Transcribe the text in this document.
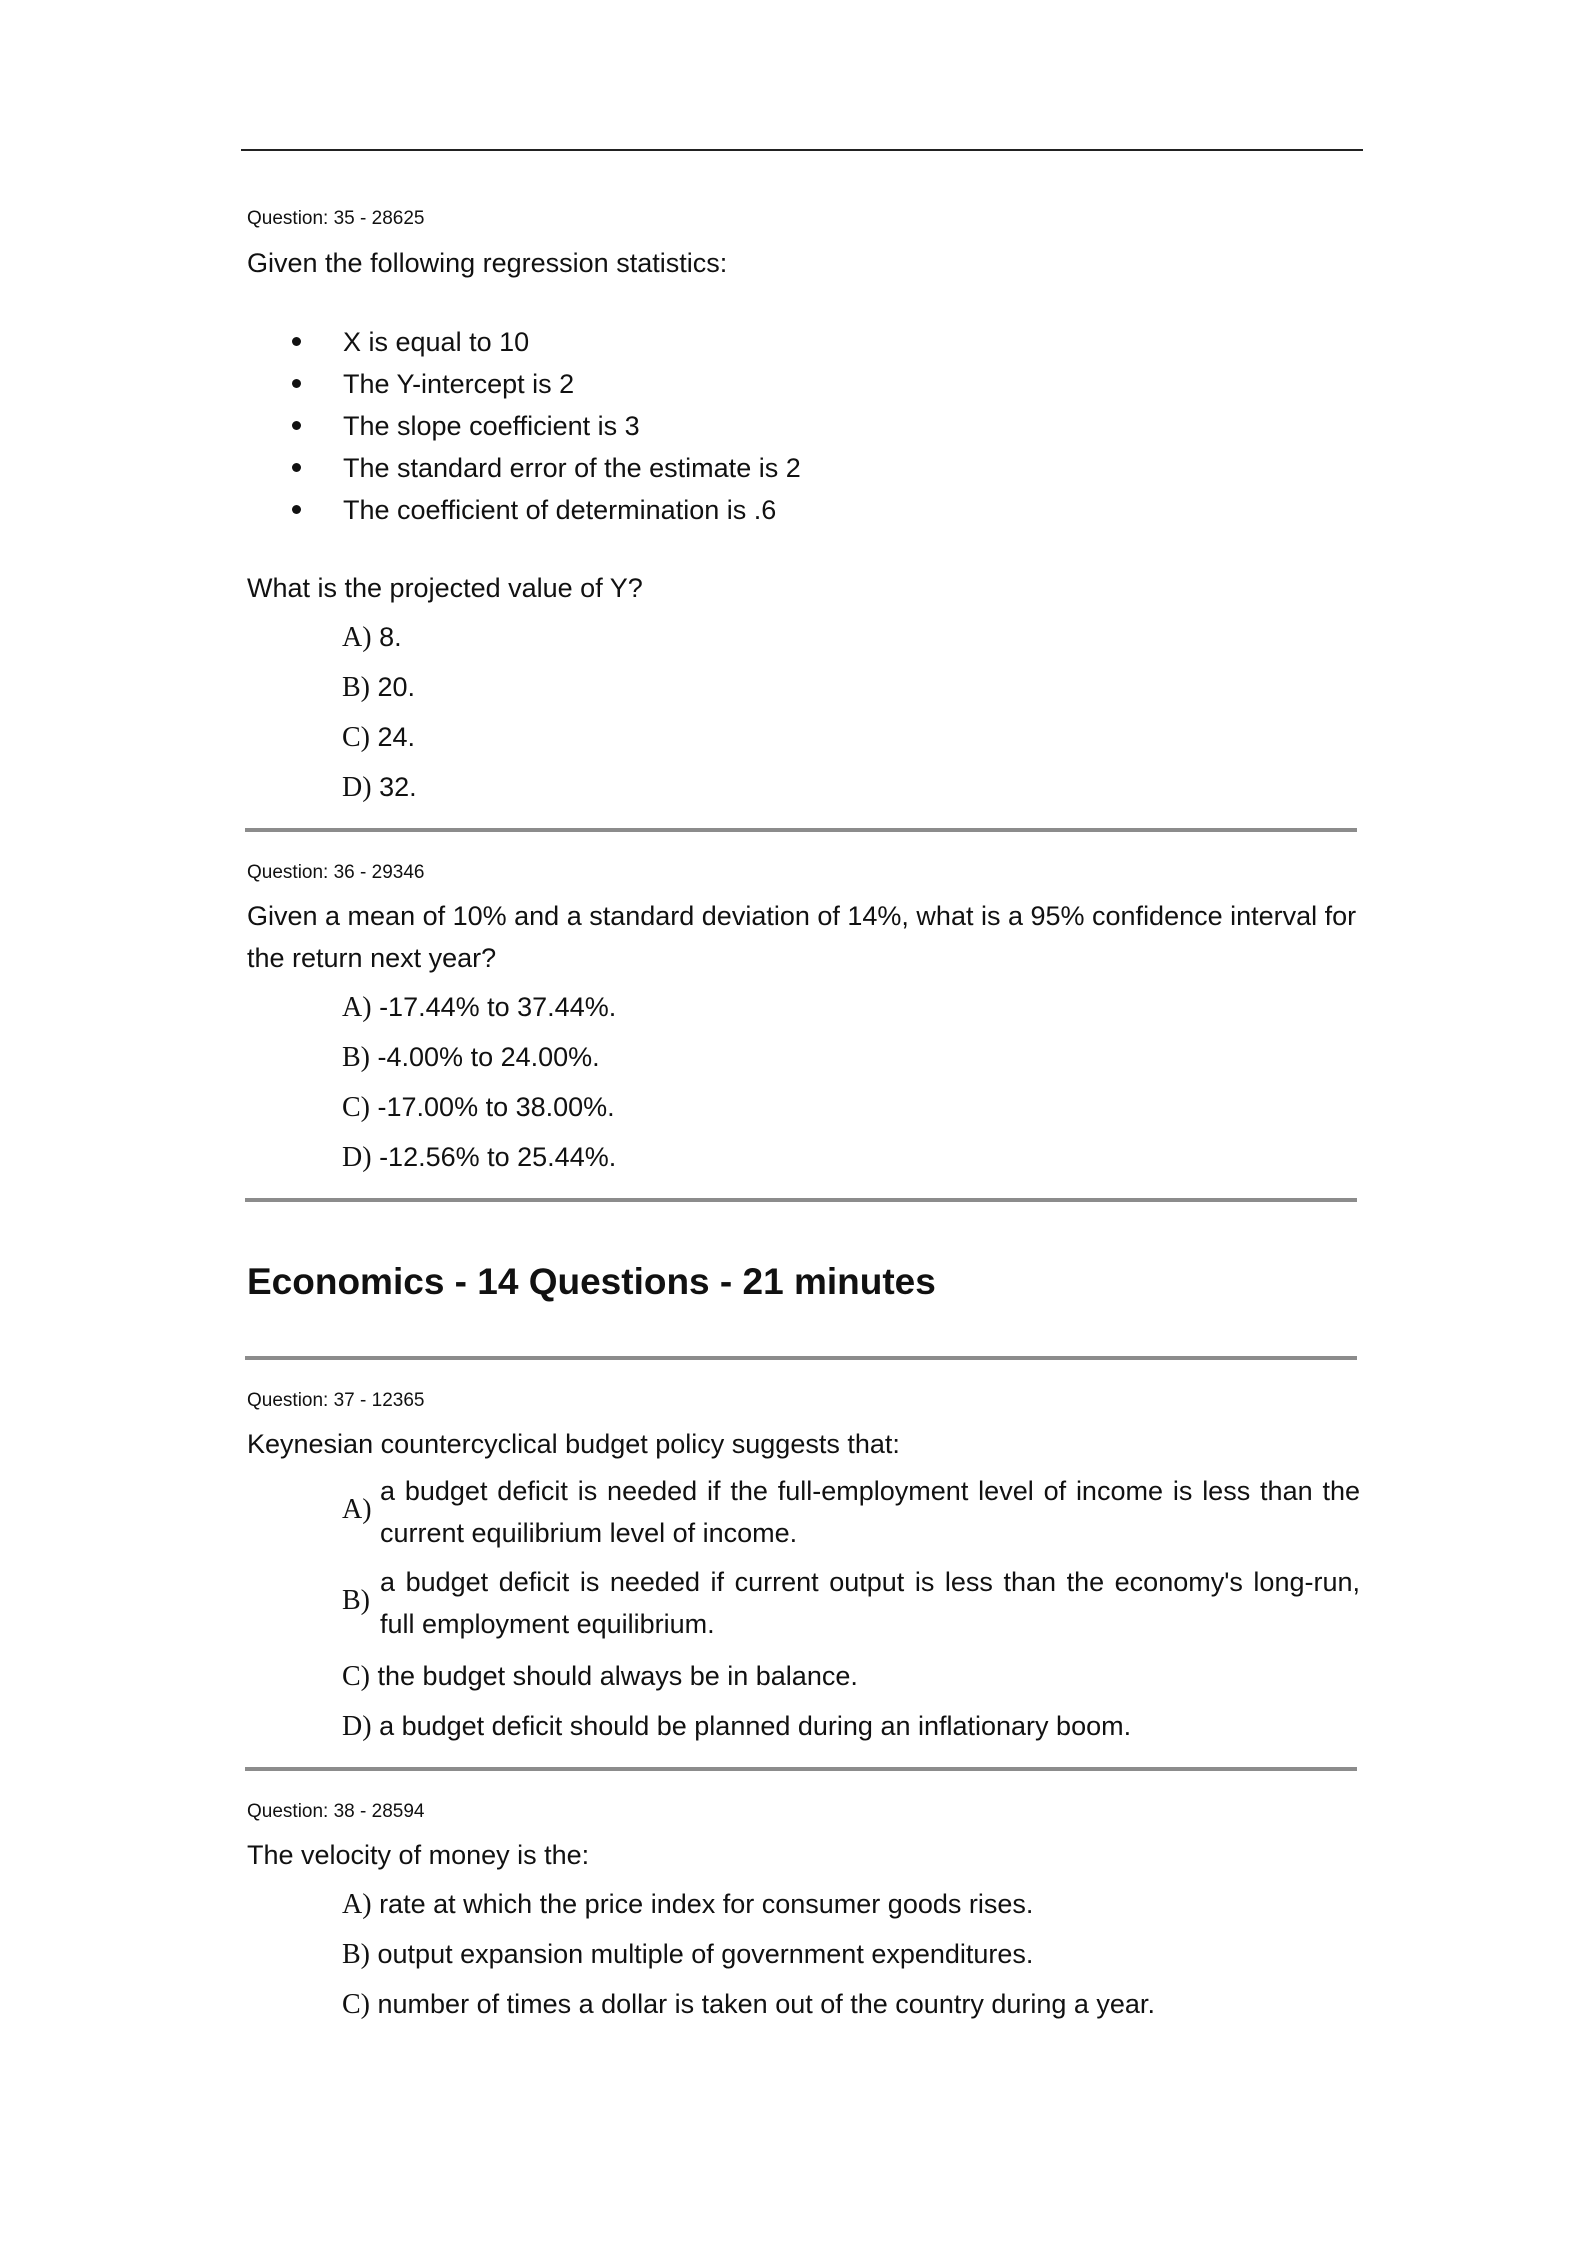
Question: 35 - 28625
Given the following regression statistics:
X is equal to 10
The Y-intercept is 2
The slope coefficient is 3
The standard error of the estimate is 2
The coefficient of determination is .6
What is the projected value of Y?
A) 8.
B) 20.
C) 24.
D) 32.
Question: 36 - 29346
Given a mean of 10% and a standard deviation of 14%, what is a 95% confidence interval for
the return next year?
A) -17.44% to 37.44%.
B) -4.00% to 24.00%.
C) -17.00% to 38.00%.
D) -12.56% to 25.44%.
Economics - 14 Questions - 21 minutes
Question: 37 - 12365
Keynesian countercyclical budget policy suggests that:
A)
a budget deficit is needed if the full-employment level of income is less than the current equilibrium level of income.
B)
a budget deficit is needed if current output is less than the economy's long-run, full employment equilibrium.
C) the budget should always be in balance.
D) a budget deficit should be planned during an inflationary boom.
Question: 38 - 28594
The velocity of money is the:
A) rate at which the price index for consumer goods rises.
B) output expansion multiple of government expenditures.
C) number of times a dollar is taken out of the country during a year.
